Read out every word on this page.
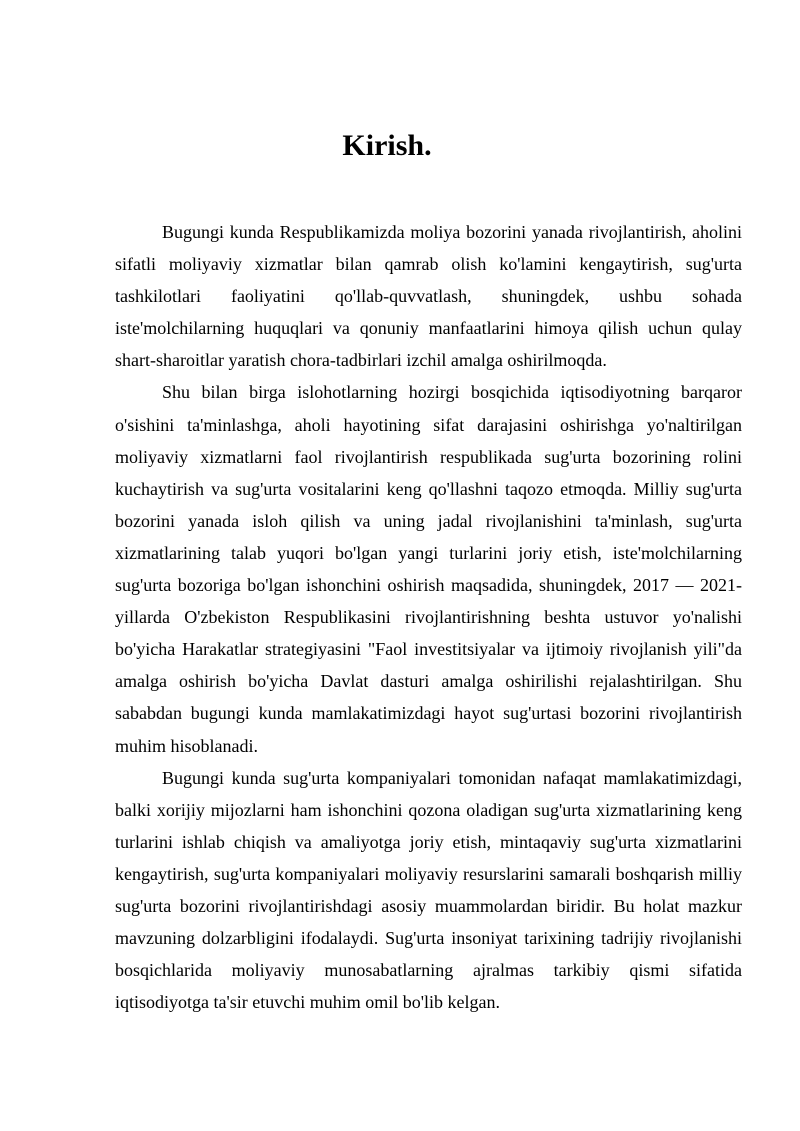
Kirish.

Bugungi kunda Respublikamizda moliya bozorini yanada rivojlantirish, aholini sifatli moliyaviy xizmatlar bilan qamrab olish ko'lamini kengaytirish, sug'urta tashkilotlari faoliyatini qo'llab-quvvatlash, shuningdek, ushbu sohada iste'molchilarning huquqlari va qonuniy manfaatlarini himoya qilish uchun qulay shart-sharoitlar yaratish chora-tadbirlari izchil amalga oshirilmoqda.

Shu bilan birga islohotlarning hozirgi bosqichida iqtisodiyotning barqaror o'sishini ta'minlashga, aholi hayotining sifat darajasini oshirishga yo'naltirilgan moliyaviy xizmatlarni faol rivojlantirish respublikada sug'urta bozorining rolini kuchaytirish va sug'urta vositalarini keng qo'llashni taqozo etmoqda. Milliy sug'urta bozorini yanada isloh qilish va uning jadal rivojlanishini ta'minlash, sug'urta xizmatlarining talab yuqori bo'lgan yangi turlarini joriy etish, iste'molchilarning sug'urta bozoriga bo'lgan ishonchini oshirish maqsadida, shuningdek, 2017 — 2021-yillarda O'zbekiston Respublikasini rivojlantirishning beshta ustuvor yo'nalishi bo'yicha Harakatlar strategiyasini "Faol investitsiyalar va ijtimoiy rivojlanish yili"da amalga oshirish bo'yicha Davlat dasturi amalga oshirilishi rejalashtirilgan. Shu sababdan bugungi kunda mamlakatimizdagi hayot sug'urtasi bozorini rivojlantirish muhim hisoblanadi.

Bugungi kunda sug'urta kompaniyalari tomonidan nafaqat mamlakatimizdagi, balki xorijiy mijozlarni ham ishonchini qozona oladigan sug'urta xizmatlarining keng turlarini ishlab chiqish va amaliyotga joriy etish, mintaqaviy sug'urta xizmatlarini kengaytirish, sug'urta kompaniyalari moliyaviy resurslarini samarali boshqarish milliy sug'urta bozorini rivojlantirishdagi asosiy muammolardan biridir. Bu holat mazkur mavzuning dolzarbligini ifodalaydi. Sug'urta insoniyat tarixining tadrijiy rivojlanishi bosqichlarida moliyaviy munosabatlarning ajralmas tarkibiy qismi sifatida iqtisodiyotga ta'sir etuvchi muhim omil bo'lib kelgan.
